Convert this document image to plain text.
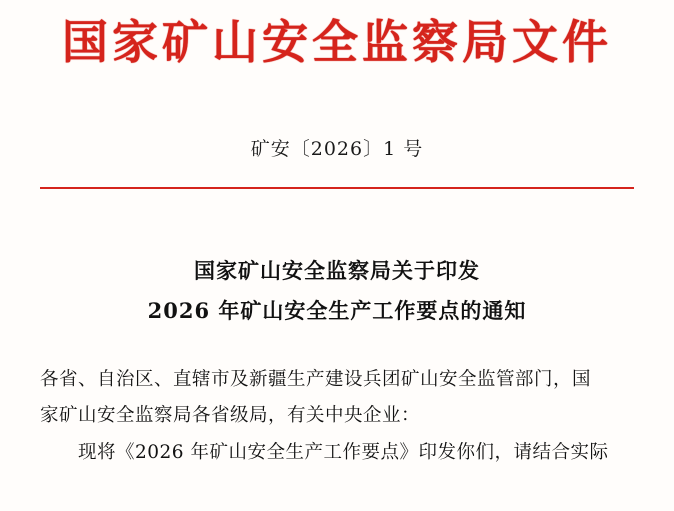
国家矿山安全监察局文件
矿安〔2026〕1 号
国家矿山安全监察局关于印发
2026 年矿山安全生产工作要点的通知

各省、自治区、直辖市及新疆生产建设兵团矿山安全监管部门，国

家矿山安全监察局各省级局，有关中央企业：

现将《2026 年矿山安全生产工作要点》印发你们，请结合实际
